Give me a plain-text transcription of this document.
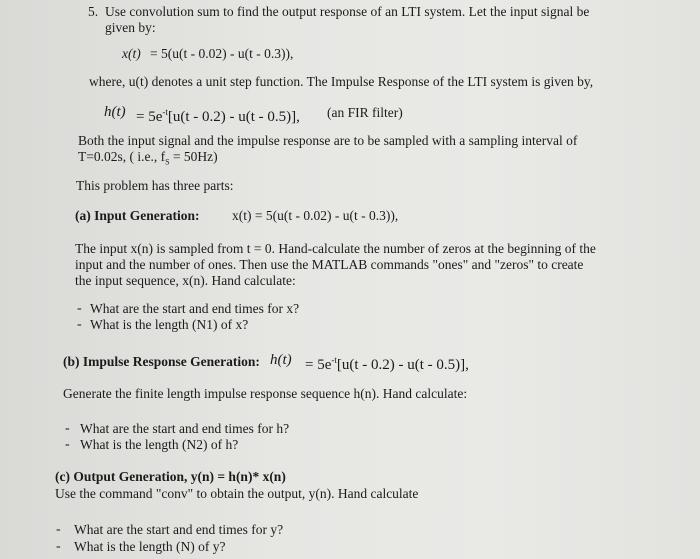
5. Use convolution sum to find the output response of an LTI system. Let the input signal be
given by:
x(t) = 5(u(t - 0.02) - u(t - 0.3)),
where, u(t) denotes a unit step function. The Impulse Response of the LTI system is given by,
$h(t) = 5e^{-t}[u(t - 0.2) - u(t - 0.5)]$, (an FIR filter)
Both the input signal and the impulse response are to be sampled with a sampling interval of
T=0.02s, ( i.e., $f_S = 50Hz$)
This problem has three parts:
(a) Input Generation: x(t) = 5(u(t - 0.02) - u(t - 0.3)),
The input x(n) is sampled from t = 0. Hand-calculate the number of zeros at the beginning of the
input and the number of ones. Then use the MATLAB commands "ones" and "zeros" to create
the input sequence, x(n). Hand calculate:
- What are the start and end times for x?
- What is the length (N1) of x?
(b) Impulse Response Generation: $h(t) = 5e^{-t}[u(t - 0.2) - u(t - 0.5)]$,
Generate the finite length impulse response sequence h(n). Hand calculate:
- What are the start and end times for h?
- What is the length (N2) of h?
(c) Output Generation, y(n) = h(n)* x(n)
Use the command "conv" to obtain the output, y(n). Hand calculate
- What are the start and end times for y?
- What is the length (N) of y?
